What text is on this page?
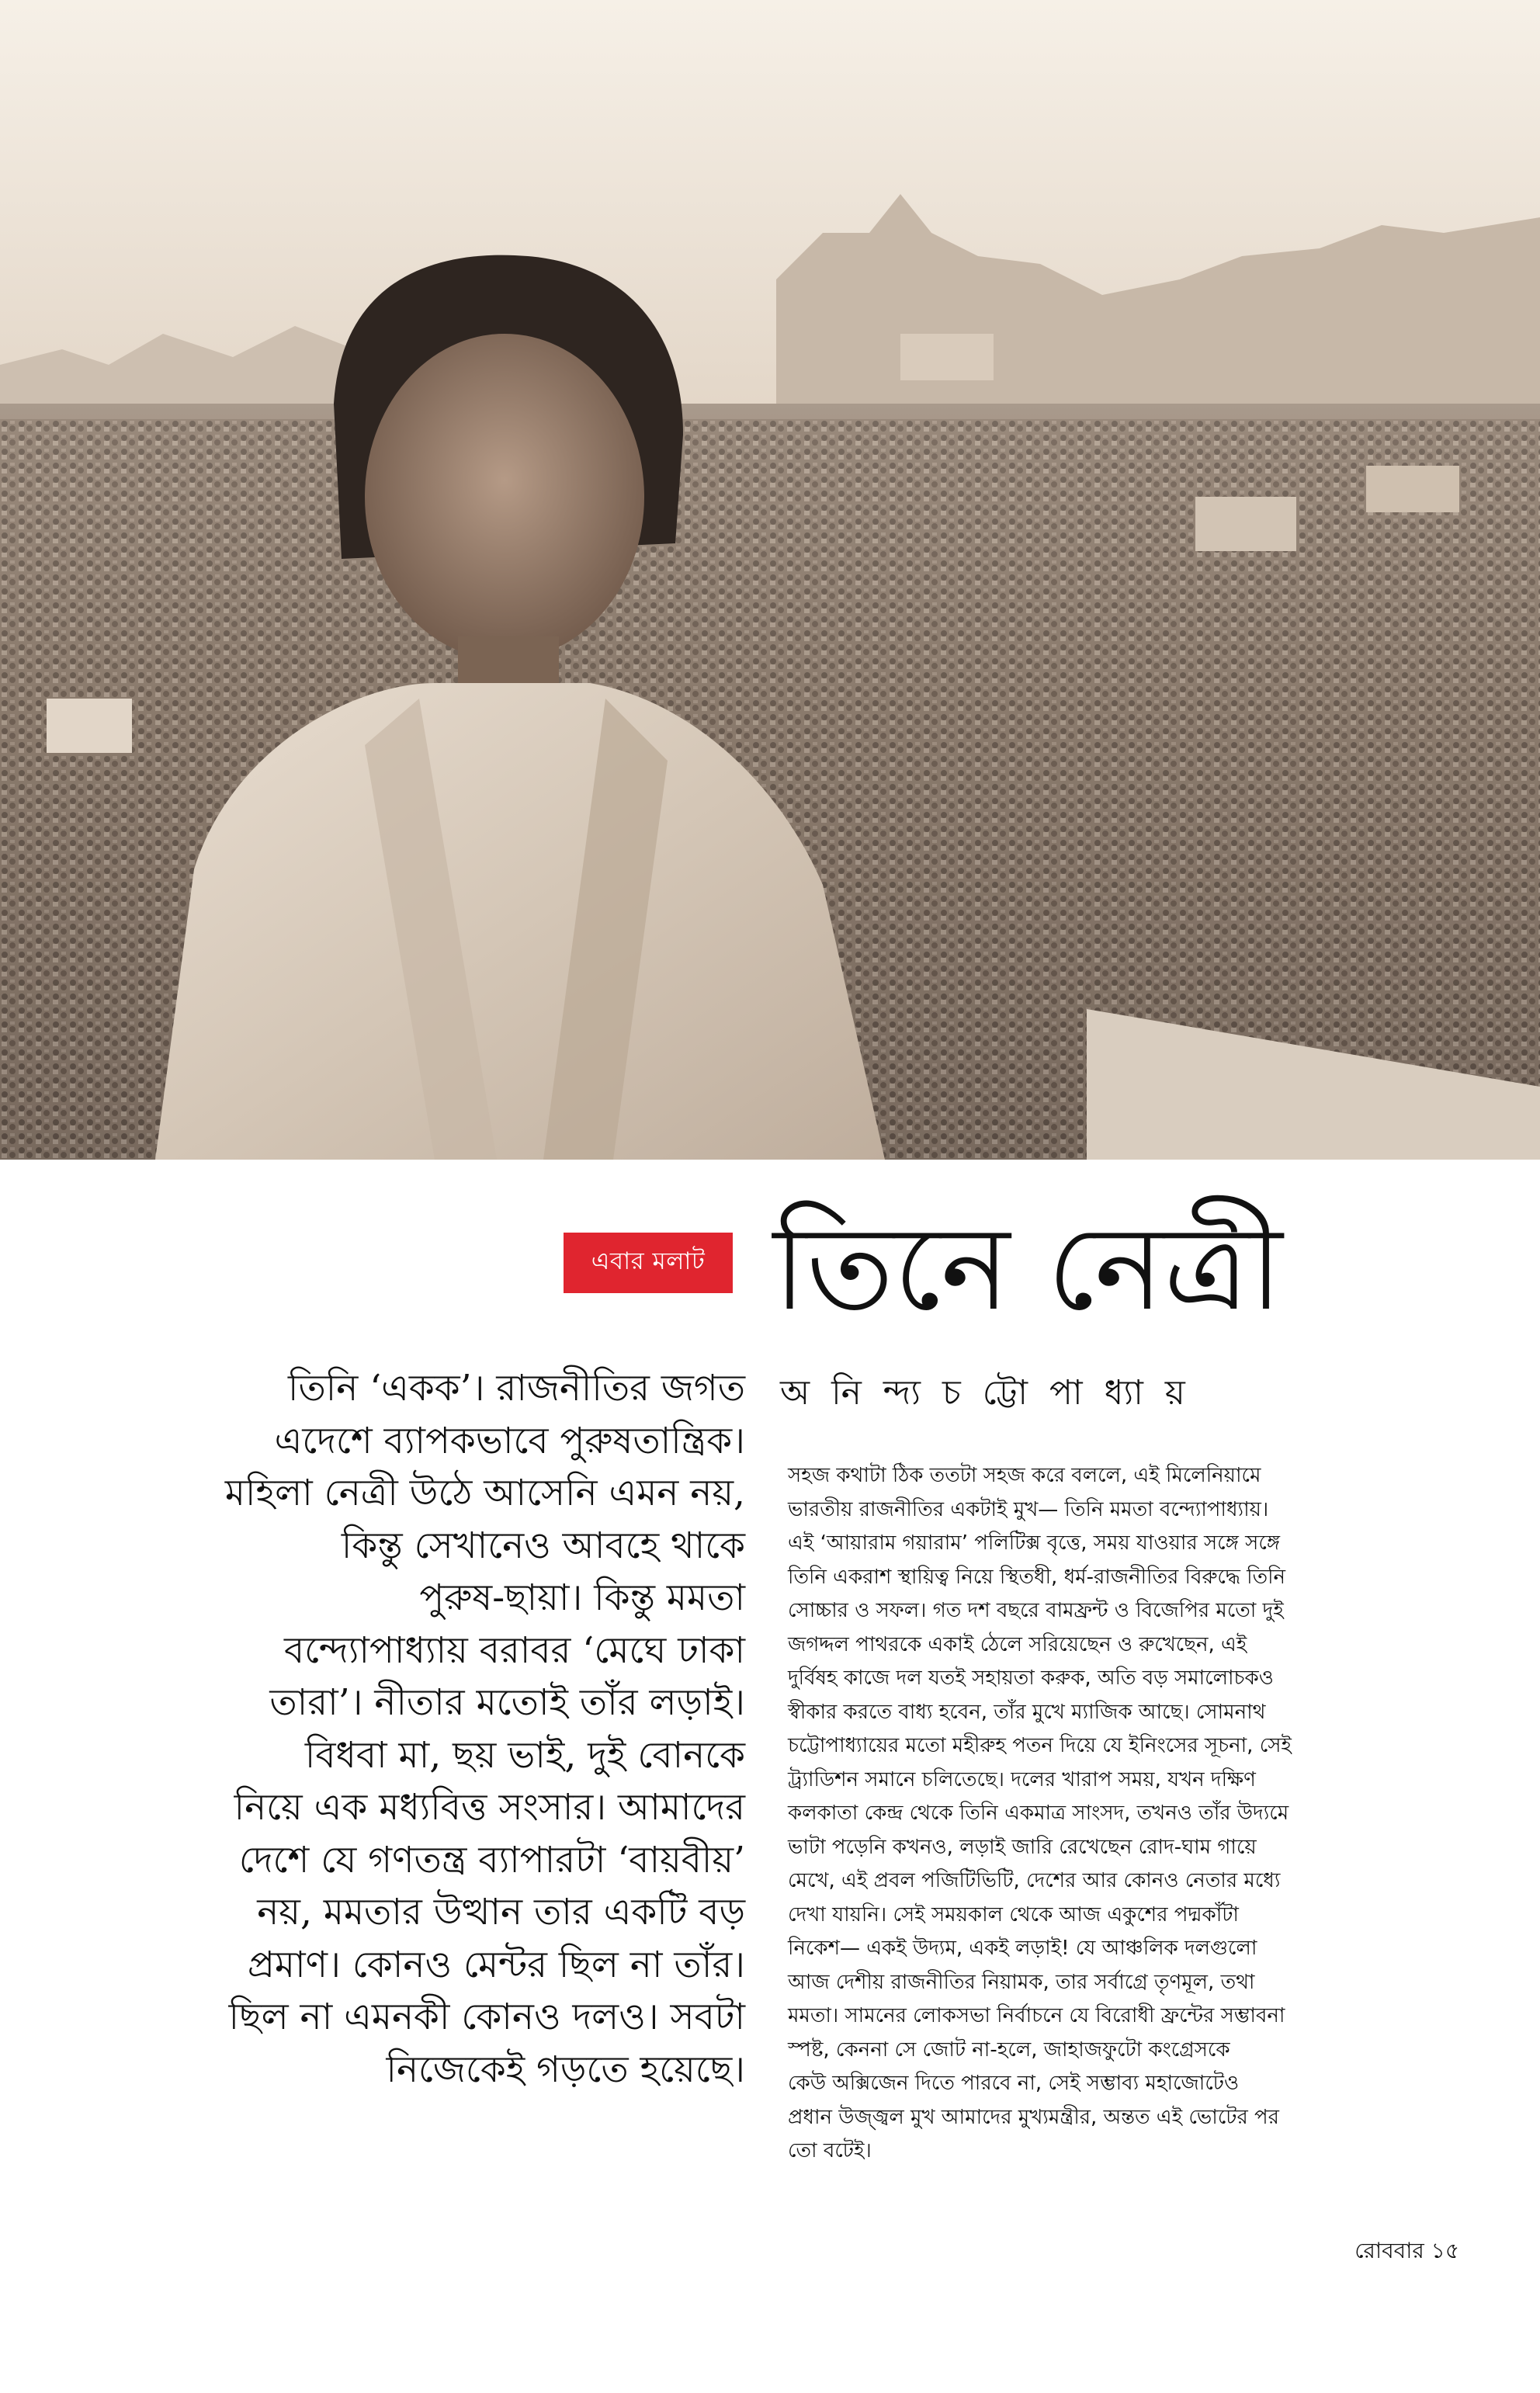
এবার মলাট তিনে নেত্রী
অ নি ন্দ্য চ ট্টো পা ধ্যা য়

তিনি ‘একক’। রাজনীতির জগত
এদেশে ব্যাপকভাবে পুরুষতান্ত্রিক।
মহিলা নেত্রী উঠে আসেনি এমন নয়,
কিন্তু সেখানেও আবহে থাকে
পুরুষ-ছায়া। কিন্তু মমতা
বন্দ্যোপাধ্যায় বরাবর ‘মেঘে ঢাকা
তারা’। নীতার মতোই তাঁর লড়াই।
বিধবা মা, ছয় ভাই, দুই বোনকে
নিয়ে এক মধ্যবিত্ত সংসার। আমাদের
দেশে যে গণতন্ত্র ব্যাপারটা ‘বায়বীয়’
নয়, মমতার উত্থান তার একটি বড়
প্রমাণ। কোনও মেন্টর ছিল না তাঁর।
ছিল না এমনকী কোনও দলও। সবটা
নিজেকেই গড়তে হয়েছে।

সহজ কথাটা ঠিক ততটা সহজ করে বললে, এই মিলেনিয়ামে
ভারতীয় রাজনীতির একটাই মুখ— তিনি মমতা বন্দ্যোপাধ্যায়।
এই ‘আয়ারাম গয়ারাম’ পলিটিক্স বৃত্তে, সময় যাওয়ার সঙ্গে সঙ্গে
তিনি একরাশ স্থায়িত্ব নিয়ে স্থিতধী, ধর্ম-রাজনীতির বিরুদ্ধে তিনি
সোচ্চার ও সফল। গত দশ বছরে বামফ্রন্ট ও বিজেপির মতো দুই
জগদ্দল পাথরকে একাই ঠেলে সরিয়েছেন ও রুখেছেন, এই
দুর্বিষহ কাজে দল যতই সহায়তা করুক, অতি বড় সমালোচকও
স্বীকার করতে বাধ্য হবেন, তাঁর মুখে ম্যাজিক আছে। সোমনাথ
চট্টোপাধ্যায়ের মতো মহীরুহ পতন দিয়ে যে ইনিংসের সূচনা, সেই
ট্র্যাডিশন সমানে চলিতেছে। দলের খারাপ সময়, যখন দক্ষিণ
কলকাতা কেন্দ্র থেকে তিনি একমাত্র সাংসদ, তখনও তাঁর উদ্যমে
ভাটা পড়েনি কখনও, লড়াই জারি রেখেছেন রোদ-ঘাম গায়ে
মেখে, এই প্রবল পজিটিভিটি, দেশের আর কোনও নেতার মধ্যে
দেখা যায়নি। সেই সময়কাল থেকে আজ একুশের পদ্মকাঁটা
নিকেশ— একই উদ্যম, একই লড়াই! যে আঞ্চলিক দলগুলো
আজ দেশীয় রাজনীতির নিয়ামক, তার সর্বাগ্রে তৃণমূল, তথা
মমতা। সামনের লোকসভা নির্বাচনে যে বিরোধী ফ্রন্টের সম্ভাবনা
স্পষ্ট, কেননা সে জোট না-হলে, জাহাজফুটো কংগ্রেসকে
কেউ অক্সিজেন দিতে পারবে না, সেই সম্ভাব্য মহাজোটেও
প্রধান উজ্জ্বল মুখ আমাদের মুখ্যমন্ত্রীর, অন্তত এই ভোটের পর
তো বটেই।

রোববার ১৫
